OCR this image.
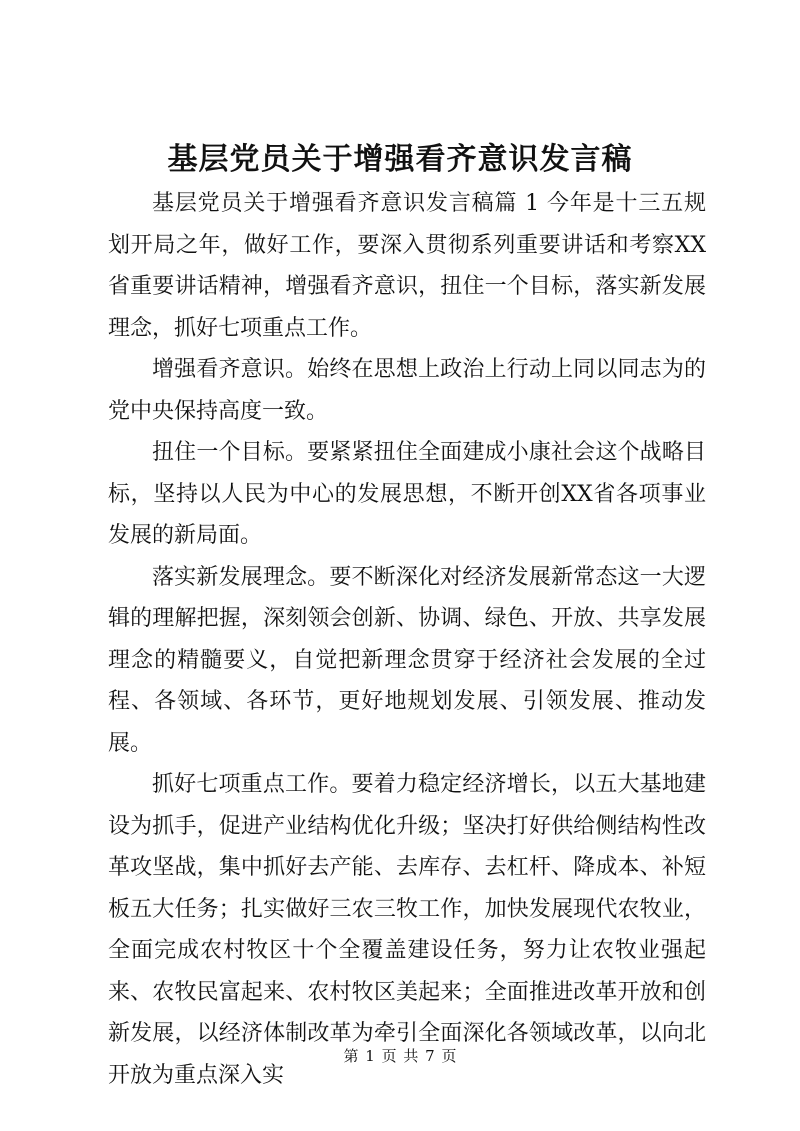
基层党员关于增强看齐意识发言稿

基层党员关于增强看齐意识发言稿篇 1 今年是十三五规划开局之年，做好工作，要深入贯彻系列重要讲话和考察XX省重要讲话精神，增强看齐意识，扭住一个目标，落实新发展理念，抓好七项重点工作。

增强看齐意识。始终在思想上政治上行动上同以同志为的党中央保持高度一致。

扭住一个目标。要紧紧扭住全面建成小康社会这个战略目标，坚持以人民为中心的发展思想，不断开创XX省各项事业发展的新局面。

落实新发展理念。要不断深化对经济发展新常态这一大逻辑的理解把握，深刻领会创新、协调、绿色、开放、共享发展理念的精髓要义，自觉把新理念贯穿于经济社会发展的全过程、各领域、各环节，更好地规划发展、引领发展、推动发展。

抓好七项重点工作。要着力稳定经济增长，以五大基地建设为抓手，促进产业结构优化升级；坚决打好供给侧结构性改革攻坚战，集中抓好去产能、去库存、去杠杆、降成本、补短板五大任务；扎实做好三农三牧工作，加快发展现代农牧业，全面完成农村牧区十个全覆盖建设任务，努力让农牧业强起来、农牧民富起来、农村牧区美起来；全面推进改革开放和创新发展，以经济体制改革为牵引全面深化各领域改革，以向北开放为重点深入实

第 1 页 共 7 页
